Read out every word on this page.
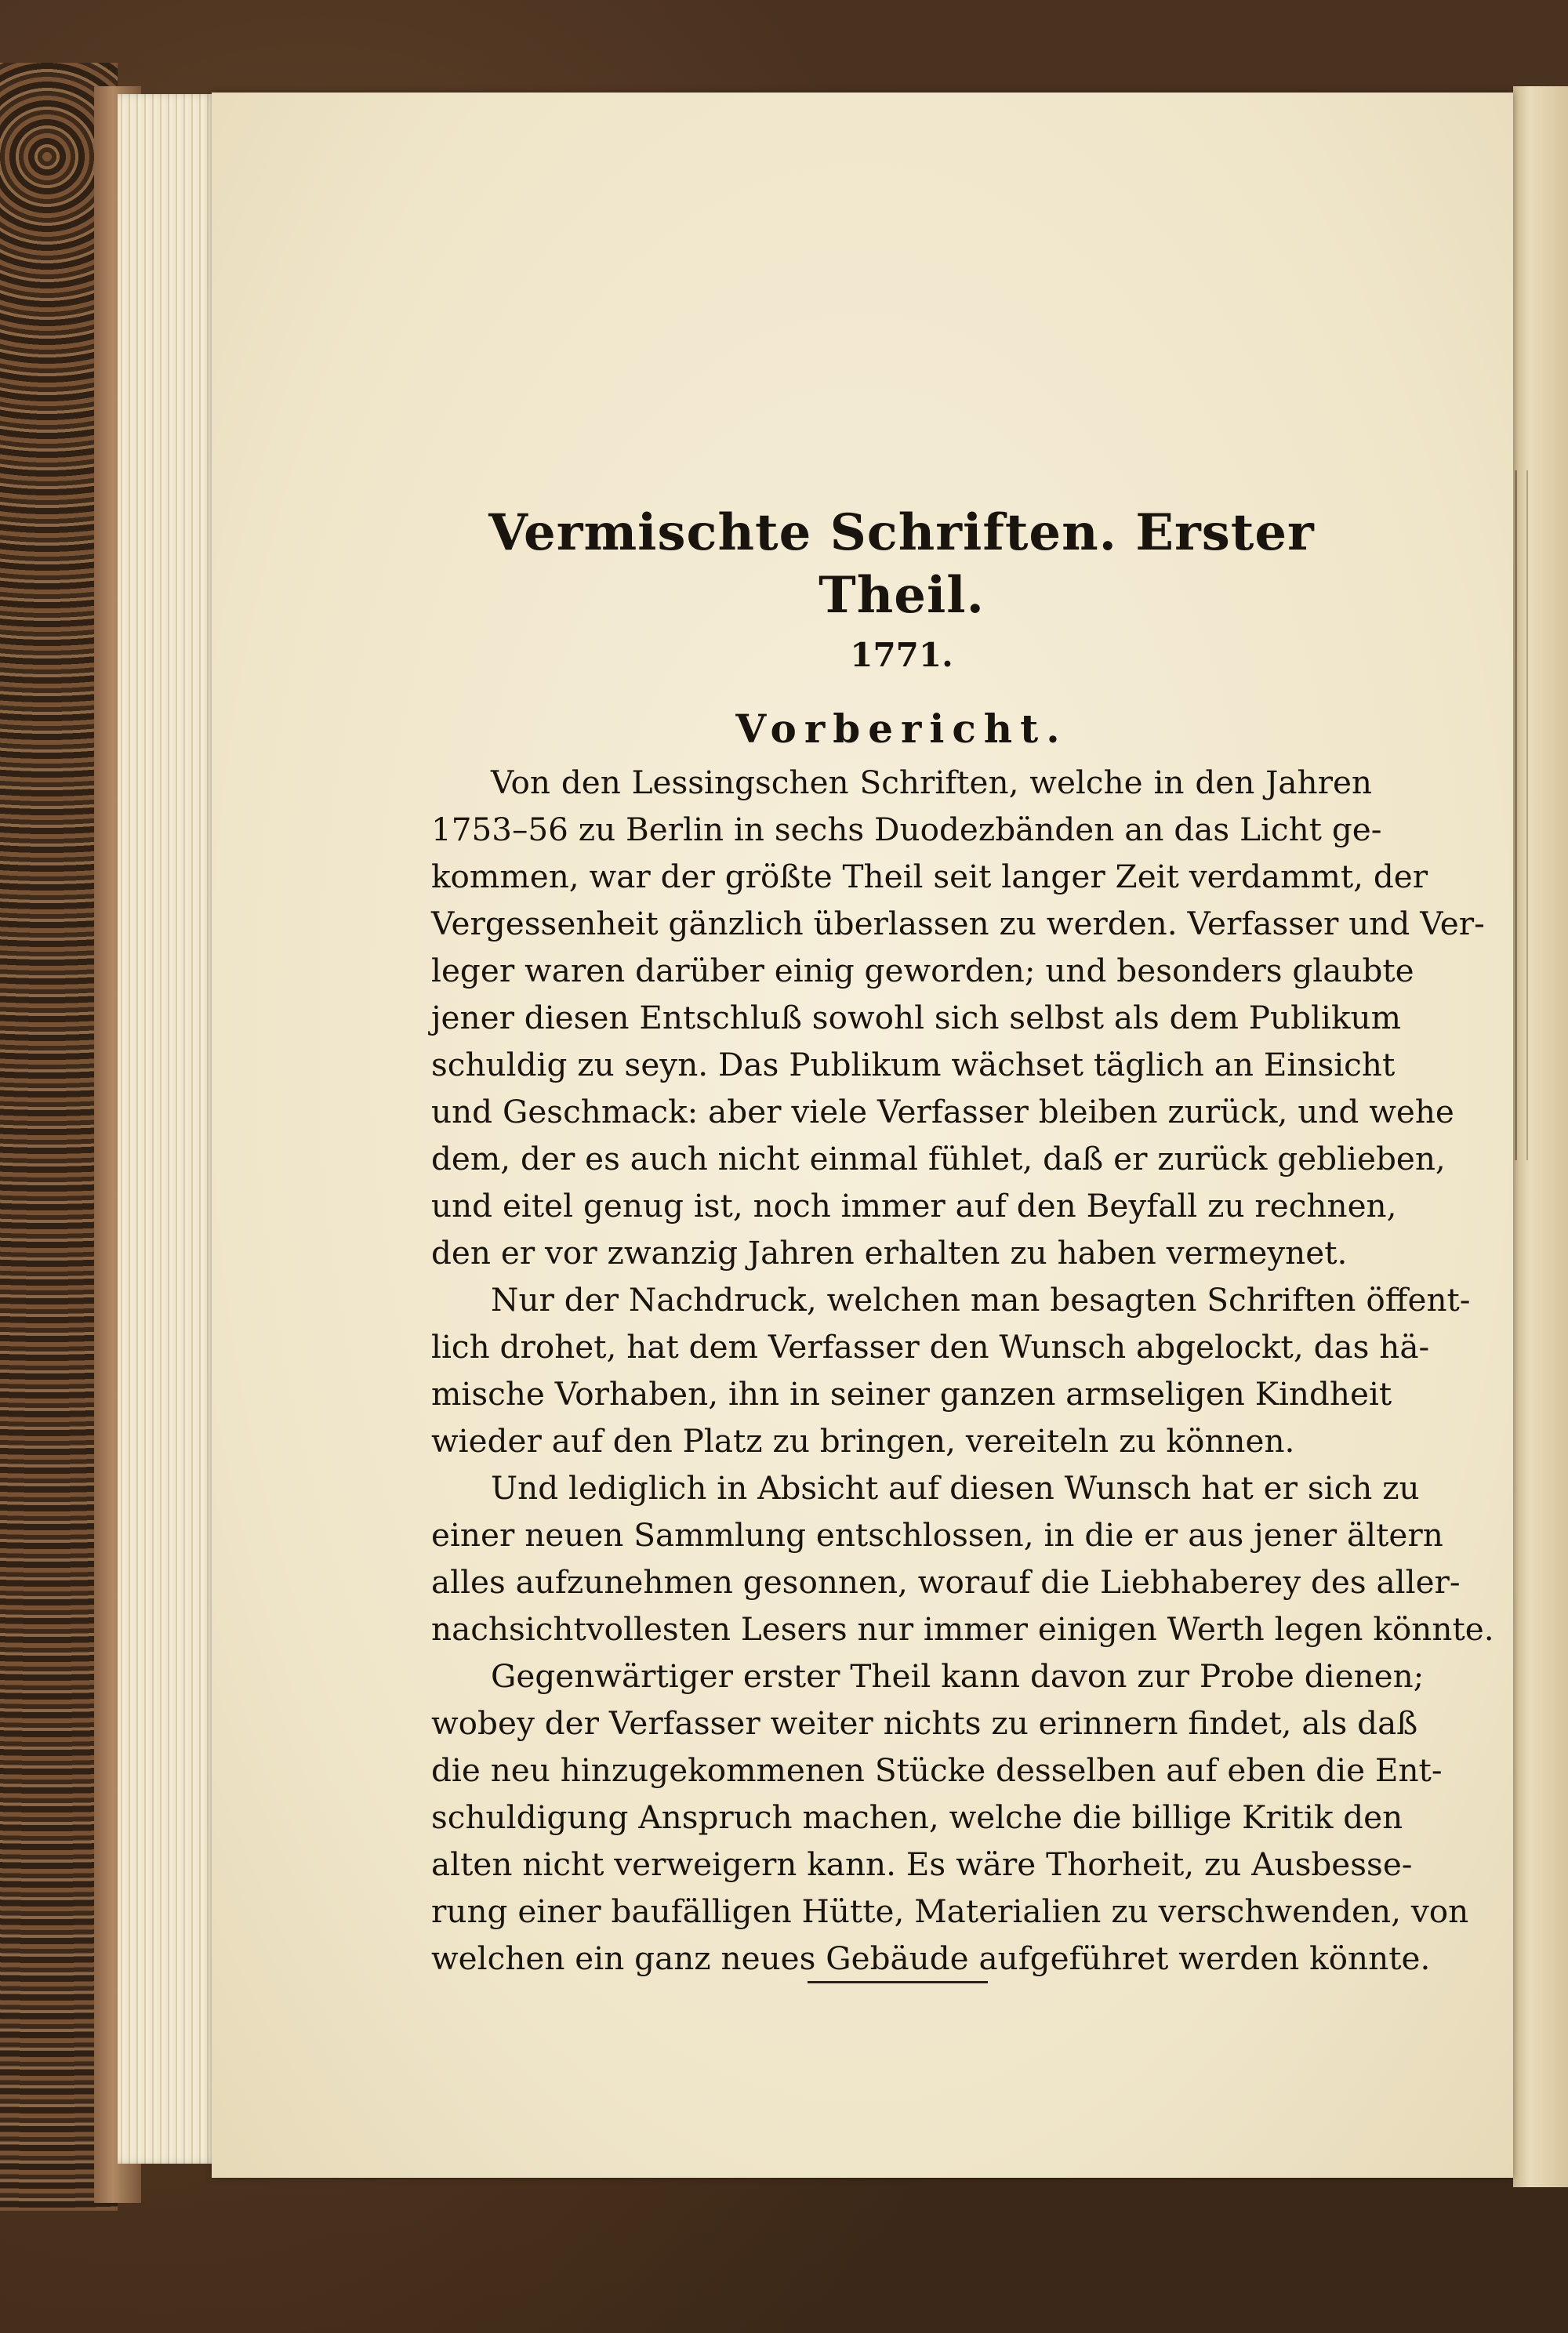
Vermischte Schriften. Erster Theil.
1771.
Vorbericht.

Von den Lessingschen Schriften, welche in den Jahren
1753–56 zu Berlin in sechs Duodezbänden an das Licht ge-
kommen, war der größte Theil seit langer Zeit verdammt, der
Vergessenheit gänzlich überlassen zu werden. Verfasser und Ver-
leger waren darüber einig geworden; und besonders glaubte
jener diesen Entschluß sowohl sich selbst als dem Publikum
schuldig zu seyn. Das Publikum wächset täglich an Einsicht
und Geschmack: aber viele Verfasser bleiben zurück, und wehe
dem, der es auch nicht einmal fühlet, daß er zurück geblieben,
und eitel genug ist, noch immer auf den Beyfall zu rechnen,
den er vor zwanzig Jahren erhalten zu haben vermeynet.

Nur der Nachdruck, welchen man besagten Schriften öffent-
lich drohet, hat dem Verfasser den Wunsch abgelockt, das hä-
mische Vorhaben, ihn in seiner ganzen armseligen Kindheit
wieder auf den Platz zu bringen, vereiteln zu können.

Und lediglich in Absicht auf diesen Wunsch hat er sich zu
einer neuen Sammlung entschlossen, in die er aus jener ältern
alles aufzunehmen gesonnen, worauf die Liebhaberey des aller-
nachsichtvollesten Lesers nur immer einigen Werth legen könnte.

Gegenwärtiger erster Theil kann davon zur Probe dienen;
wobey der Verfasser weiter nichts zu erinnern findet, als daß
die neu hinzugekommenen Stücke desselben auf eben die Ent-
schuldigung Anspruch machen, welche die billige Kritik den
alten nicht verweigern kann. Es wäre Thorheit, zu Ausbesse-
rung einer baufälligen Hütte, Materialien zu verschwenden, von
welchen ein ganz neues Gebäude aufgeführet werden könnte.
